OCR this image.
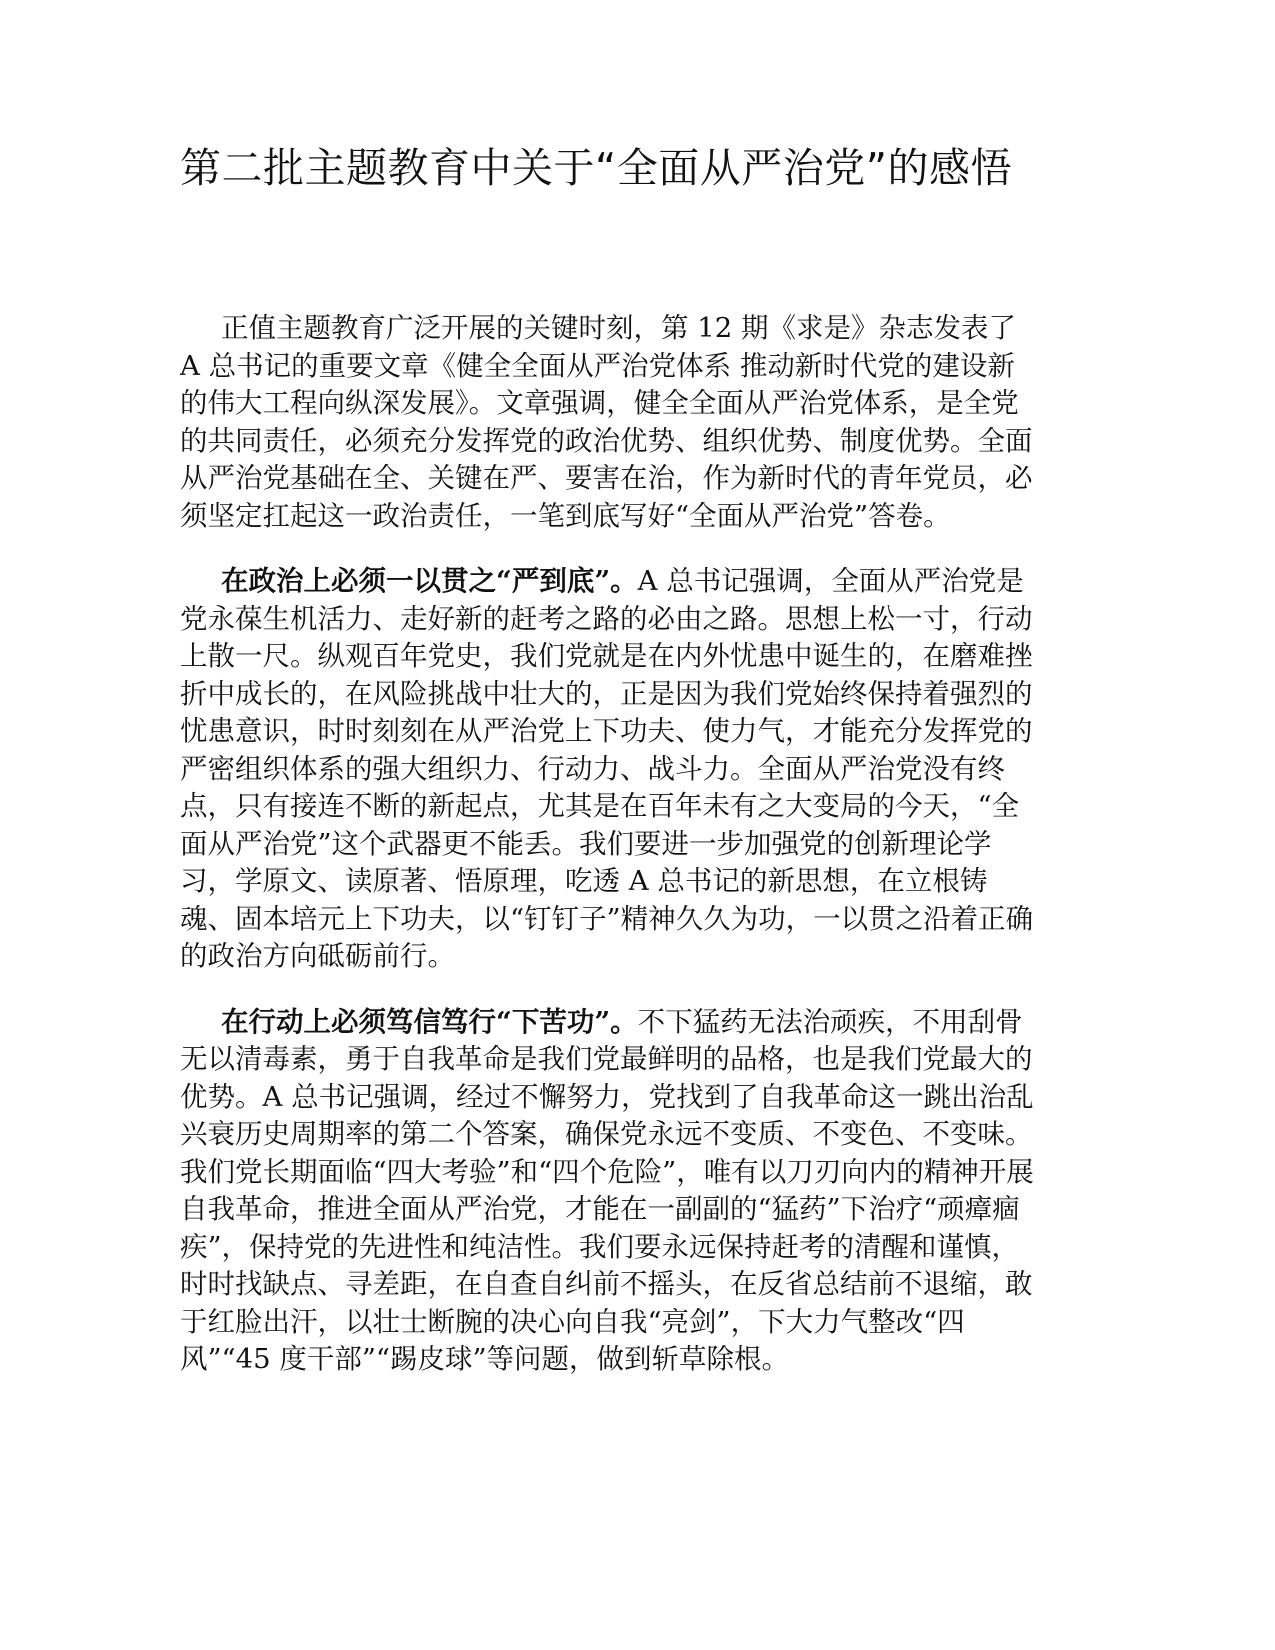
第二批主题教育中关于“全面从严治党”的感悟

正值主题教育广泛开展的关键时刻，第 12 期《求是》杂志发表了 A 总书记的重要文章《健全全面从严治党体系 推动新时代党的建设新的伟大工程向纵深发展》。文章强调，健全全面从严治党体系，是全党的共同责任，必须充分发挥党的政治优势、组织优势、制度优势。全面从严治党基础在全、关键在严、要害在治，作为新时代的青年党员，必须坚定扛起这一政治责任，一笔到底写好“全面从严治党”答卷。

在政治上必须一以贯之“严到底”。A 总书记强调，全面从严治党是党永葆生机活力、走好新的赶考之路的必由之路。思想上松一寸，行动上散一尺。纵观百年党史，我们党就是在内外忧患中诞生的，在磨难挫折中成长的，在风险挑战中壮大的，正是因为我们党始终保持着强烈的忧患意识，时时刻刻在从严治党上下功夫、使力气，才能充分发挥党的严密组织体系的强大组织力、行动力、战斗力。全面从严治党没有终点，只有接连不断的新起点，尤其是在百年未有之大变局的今天，“全面从严治党”这个武器更不能丢。我们要进一步加强党的创新理论学习，学原文、读原著、悟原理，吃透 A 总书记的新思想，在立根铸魂、固本培元上下功夫，以“钉钉子”精神久久为功，一以贯之沿着正确的政治方向砥砺前行。

在行动上必须笃信笃行“下苦功”。不下猛药无法治顽疾，不用刮骨无以清毒素，勇于自我革命是我们党最鲜明的品格，也是我们党最大的优势。A 总书记强调，经过不懈努力，党找到了自我革命这一跳出治乱兴衰历史周期率的第二个答案，确保党永远不变质、不变色、不变味。我们党长期面临“四大考验”和“四个危险”，唯有以刀刃向内的精神开展自我革命，推进全面从严治党，才能在一副副的“猛药”下治疗“顽瘴痼疾”，保持党的先进性和纯洁性。我们要永远保持赶考的清醒和谨慎，时时找缺点、寻差距，在自查自纠前不摇头，在反省总结前不退缩，敢于红脸出汗，以壮士断腕的决心向自我“亮剑”，下大力气整改“四风”“45 度干部”“踢皮球”等问题，做到斩草除根。
